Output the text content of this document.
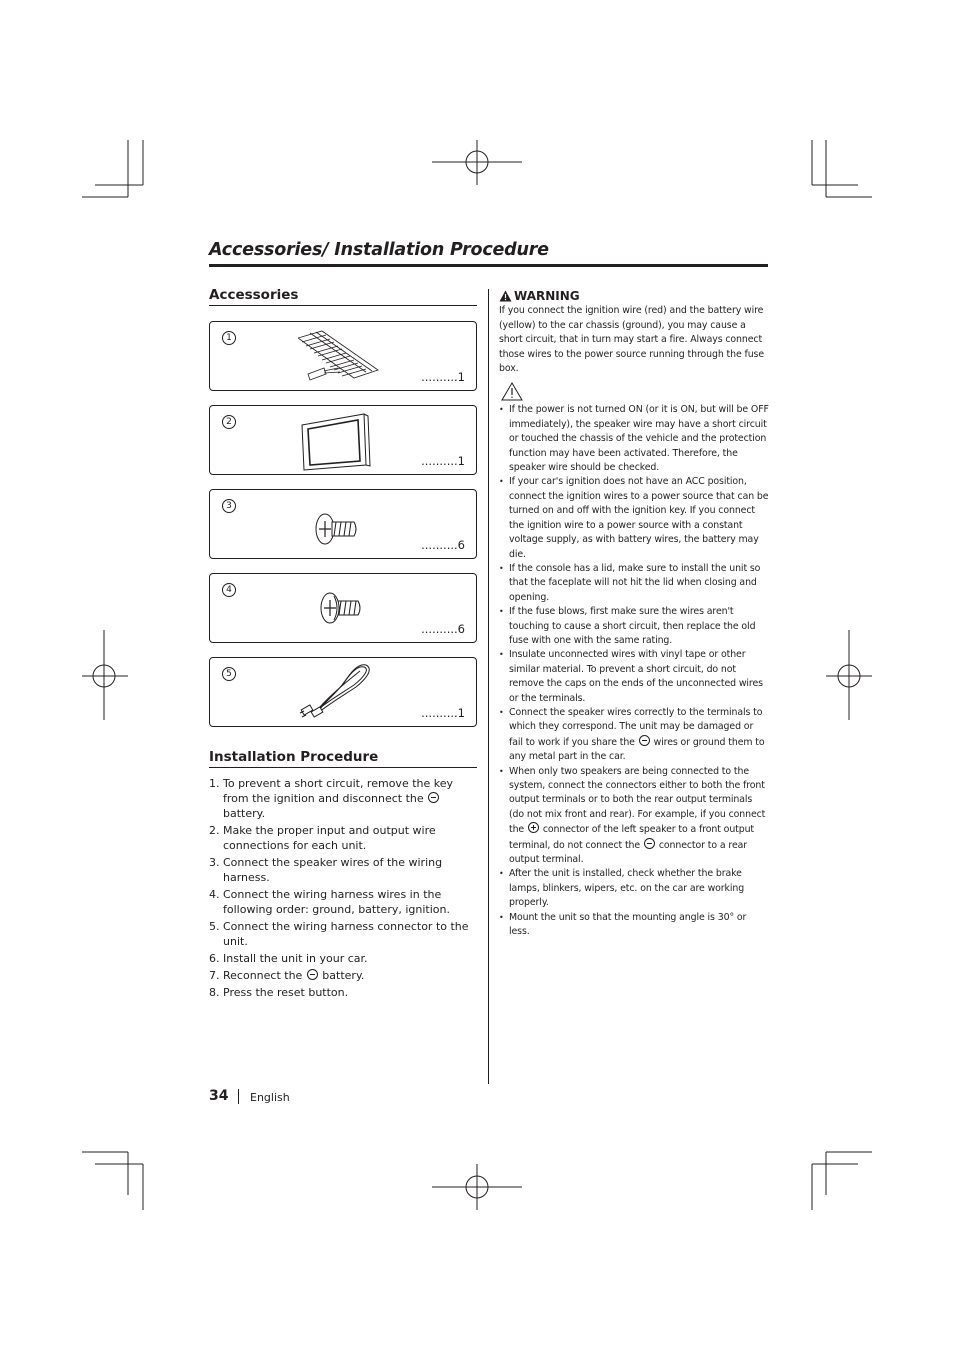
Accessories/ Installation Procedure
Accessories
1
..........1
2
..........1
3
..........6
4
..........6
5
..........1
Installation Procedure
1. To prevent a short circuit, remove the key from the ignition and disconnect the  battery.
2. Make the proper input and output wire connections for each unit.
3. Connect the speaker wires of the wiring harness.
4. Connect the wiring harness wires in the following order: ground, battery, ignition.
5. Connect the wiring harness connector to the unit.
6. Install the unit in your car.
7. Reconnect the  battery.
8. Press the reset button.
WARNING

If you connect the ignition wire (red) and the battery wire (yellow) to the car chassis (ground), you may cause a short circuit, that in turn may start a fire. Always connect those wires to the power source running through the fuse box.

• If the power is not turned ON (or it is ON, but will be OFF immediately), the speaker wire may have a short circuit or touched the chassis of the vehicle and the protection function may have been activated. Therefore, the speaker wire should be checked.
• If your car's ignition does not have an ACC position, connect the ignition wires to a power source that can be turned on and off with the ignition key. If you connect the ignition wire to a power source with a constant voltage supply, as with battery wires, the battery may die.
• If the console has a lid, make sure to install the unit so that the faceplate will not hit the lid when closing and opening.
• If the fuse blows, first make sure the wires aren't touching to cause a short circuit, then replace the old fuse with one with the same rating.
• Insulate unconnected wires with vinyl tape or other similar material. To prevent a short circuit, do not remove the caps on the ends of the unconnected wires or the terminals.
• Connect the speaker wires correctly to the terminals to which they correspond. The unit may be damaged or fail to work if you share the  wires or ground them to any metal part in the car.
• When only two speakers are being connected to the system, connect the connectors either to both the front output terminals or to both the rear output terminals (do not mix front and rear). For example, if you connect the  connector of the left speaker to a front output terminal, do not connect the  connector to a rear output terminal.
• After the unit is installed, check whether the brake lamps, blinkers, wipers, etc. on the car are working properly.
• Mount the unit so that the mounting angle is 30° or less.
34 English
